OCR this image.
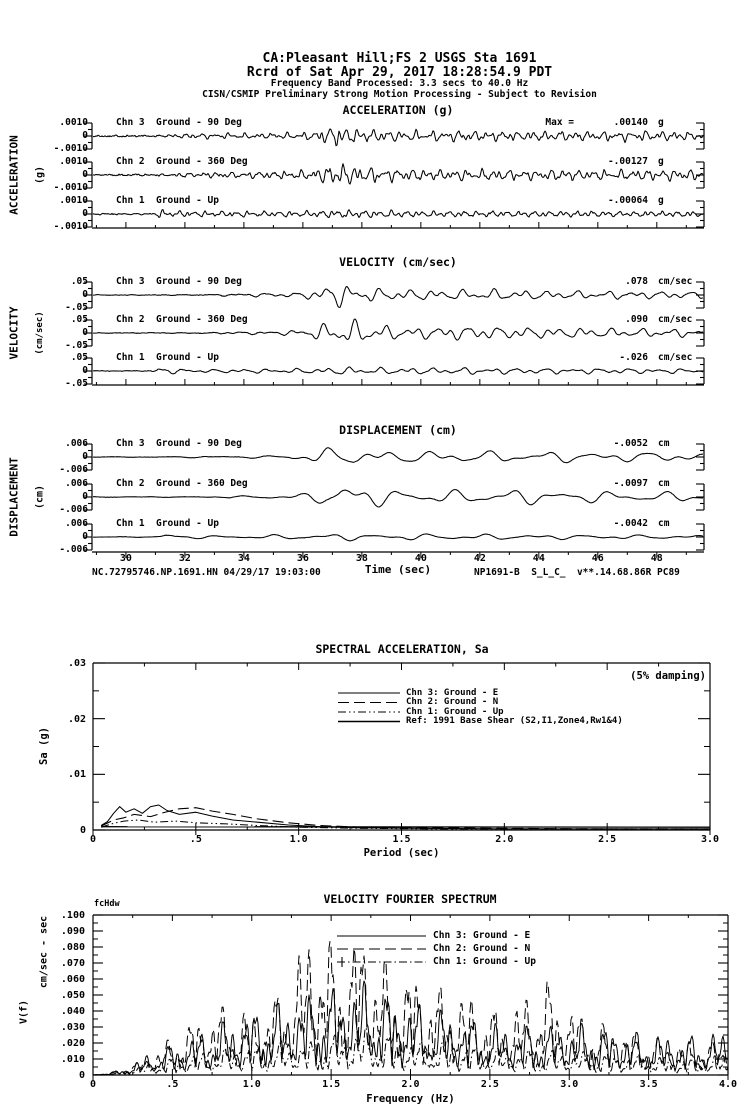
CA:Pleasant Hill;FS 2 USGS Sta 1691
Rcrd of Sat Apr 29, 2017 18:28:54.9 PDT
Frequency Band Processed: 3.3 secs to 40.0 Hz
CISN/CSMIP Preliminary Strong Motion Processing - Subject to Revision
ACCELERATION (g)
VELOCITY (cm/sec)
DISPLACEMENT (cm)
ACCELERATION (g)
VELOCITY (cm/sec)
DISPLACEMENT (cm)
Time (sec)
NC.72795746.NP.1691.HN 04/29/17 19:03:00	NP1691-B  S_L_C_  v**.14.68.86R PC89
SPECTRAL ACCELERATION, Sa
(5% damping)
Sa (g)
Period (sec)
VELOCITY FOURIER SPECTRUM
fcHdw
cm/sec - sec
V(f)
Frequency (Hz)
.0010
0
-.0010
Chn 3  Ground - 90 Deg	Max =	.00140 g
.0010
0
-.0010
Chn 2  Ground - 360 Deg	-.00127 g
.0010
0
-.0010
Chn 1  Ground - Up	-.00064 g
.05
0
-.05
Chn 3  Ground - 90 Deg	.078 cm/sec
.05
0
-.05
Chn 2  Ground - 360 Deg	.090 cm/sec
.05
0
-.05
Chn 1  Ground - Up	-.026 cm/sec
.006
0
-.006
Chn 3  Ground - 90 Deg	-.0052 cm
.006
0
-.006
Chn 2  Ground - 360 Deg	-.0097 cm
.006
0
-.006
Chn 1  Ground - Up	-.0042 cm
30	32	34	36	38	40	42	44	46	48
.03
.02
.01
0
0	.5	1.0	1.5	2.0	2.5	3.0
Chn 3: Ground - E
Chn 2: Ground - N
Chn 1: Ground - Up
Ref: 1991 Base Shear (S2,I1,Zone4,Rw1&4)
.100
.090
.080
.070
.060
.050
.040
.030
.020
.010
0
0	.5	1.0	1.5	2.0	2.5	3.0	3.5	4.0
Chn 3: Ground - E
Chn 2: Ground - N
Chn 1: Ground - Up
